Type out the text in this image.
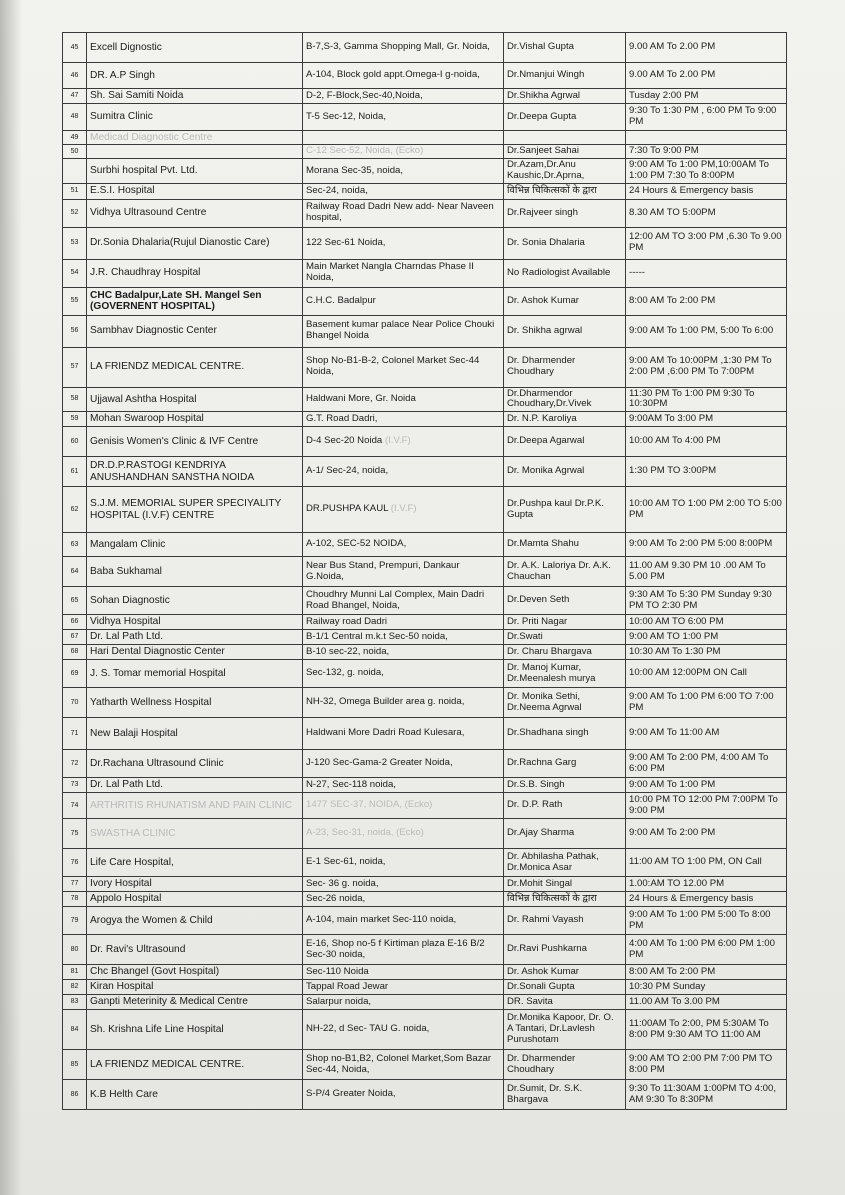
45	Excell Dignostic	B-7,S-3, Gamma Shopping Mall, Gr. Noida,	Dr.Vishal Gupta	9.00 AM To 2.00 PM
46	DR. A.P Singh	A-104, Block gold appt.Omega-I g-noida,	Dr.Nmanjui Wingh	9.00 AM To 2.00 PM
47	Sh. Sai Samiti Noida	D-2, F-Block,Sec-40,Noida,	Dr.Shikha Agrwal	Tusday 2:00 PM
48	Sumitra Clinic	T-5 Sec-12, Noida,	Dr.Deepa Gupta	9:30 To 1:30 PM , 6:00 PM To 9:00 PM
49	Medicad Diagnostic Centre			
50		C-12 Sec-52, Noida, (Ecko)	Dr.Sanjeet Sahai	7:30 To 9:00 PM
	Surbhi hospital Pvt. Ltd.	Morana Sec-35, noida,	Dr.Azam,Dr.Anu Kaushic,Dr.Aprna,	9:00 AM To 1:00 PM,10:00AM To 1:00 PM 7:30 To 8:00PM
51	E.S.I. Hospital	Sec-24, noida,	विभिन्न चिकित्सकों के द्वारा	24 Hours & Emergency basis
52	Vidhya Ultrasound Centre	Railway Road Dadri New add- Near Naveen hospital,	Dr.Rajveer singh	8.30 AM TO 5:00PM
53	Dr.Sonia Dhalaria(Rujul Dianostic Care)	122 Sec-61 Noida,	Dr. Sonia Dhalaria	12:00 AM TO 3:00 PM ,6.30 To 9.00 PM
54	J.R. Chaudhray Hospital	Main Market Nangla Charndas Phase II Noida,	No Radiologist Available	-----
55	CHC Badalpur,Late SH. Mangel Sen (GOVERNENT HOSPITAL)	C.H.C. Badalpur	Dr. Ashok Kumar	8:00 AM To 2:00 PM
56	Sambhav Diagnostic Center	Basement kumar palace Near Police Chouki Bhangel Noida	Dr. Shikha agrwal	9:00 AM To 1:00 PM, 5:00 To 6:00
57	LA FRIENDZ MEDICAL CENTRE.	Shop No-B1-B-2, Colonel Market Sec-44 Noida,	Dr. Dharmender Choudhary	9:00 AM To 10:00PM ,1:30 PM To 2:00 PM ,6:00 PM To 7:00PM
58	Ujjawal Ashtha Hospital	Haldwani More, Gr. Noida	Dr.Dharmendor Choudhary,Dr.Vivek	11:30 PM To 1:00 PM 9:30 To 10:30PM
59	Mohan Swaroop Hospital	G.T. Road Dadri,	Dr. N.P. Karoliya	9:00AM To 3:00 PM
60	Genisis Women's Clinic & IVF Centre	D-4 Sec-20 Noida (I.V.F)	Dr.Deepa Agarwal	10:00 AM To 4:00 PM
61	DR.D.P.RASTOGI KENDRIYA ANUSHANDHAN SANSTHA NOIDA	A-1/ Sec-24, noida,	Dr. Monika Agrwal	1:30 PM TO 3:00PM
62	S.J.M. MEMORIAL SUPER SPECIYALITY HOSPITAL (I.V.F) CENTRE	DR.PUSHPA KAUL (I.V.F)	Dr.Pushpa kaul Dr.P.K. Gupta	10:00 AM TO 1:00 PM 2:00 TO 5:00 PM
63	Mangalam Clinic	A-102, SEC-52 NOIDA,	Dr.Mamta Shahu	9:00 AM To 2:00 PM 5:00 8:00PM
64	Baba Sukhamal	Near Bus Stand, Prempuri, Dankaur G.Noida,	Dr. A.K. Laloriya Dr. A.K. Chauchan	11.00 AM 9.30 PM 10 .00 AM To 5.00 PM
65	Sohan Diagnostic	Choudhry Munni Lal Complex, Main Dadri Road Bhangel, Noida,	Dr.Deven Seth	9:30 AM To 5:30 PM Sunday 9:30 PM TO 2:30 PM
66	Vidhya Hospital	Railway road Dadri	Dr. Priti Nagar	10:00 AM TO 6:00 PM
67	Dr. Lal Path Ltd.	B-1/1 Central m.k.t Sec-50 noida,	Dr.Swati	9:00 AM TO 1:00 PM
68	Hari Dental Diagnostic Center	B-10 sec-22, noida,	Dr. Charu Bhargava	10:30 AM To 1:30 PM
69	J. S. Tomar memorial Hospital	Sec-132, g. noida,	Dr. Manoj Kumar, Dr.Meenalesh murya	10:00 AM 12:00PM ON Call
70	Yatharth Wellness Hospital	NH-32, Omega Builder area g. noida,	Dr. Monika Sethi, Dr.Neema Agrwal	9:00 AM To 1:00 PM 6:00 TO 7:00 PM
71	New Balaji Hospital	Haldwani More Dadri Road Kulesara,	Dr.Shadhana singh	9:00 AM To 11:00 AM
72	Dr.Rachana Ultrasound Clinic	J-120 Sec-Gama-2 Greater Noida,	Dr.Rachna Garg	9:00 AM To 2:00 PM, 4:00 AM To 6:00 PM
73	Dr. Lal Path Ltd.	N-27, Sec-118 noida,	Dr.S.B. Singh	9:00 AM To 1:00 PM
74	ARTHRITIS RHUNATISM AND PAIN CLINIC	1477 SEC-37, NOIDA, (Ecko)	Dr. D.P. Rath	10:00 PM TO 12:00 PM 7:00PM To 9:00 PM
75	SWASTHA CLINIC	A-23, Sec-31, noida, (Ecko)	Dr.Ajay Sharma	9:00 AM To 2:00 PM
76	Life Care Hospital,	E-1 Sec-61, noida,	Dr. Abhilasha Pathak, Dr.Monica Asar	11:00 AM TO 1:00 PM, ON Call
77	Ivory Hospital	Sec- 36 g. noida,	Dr.Mohit Singal	1.00:AM TO 12.00 PM
78	Appolo Hospital	Sec-26 noida,	विभिन्न चिकित्सकों के द्वारा	24 Hours & Emergency basis
79	Arogya the Women & Child	A-104, main market Sec-110 noida,	Dr. Rahmi Vayash	9:00 AM To 1:00 PM 5:00 To 8:00 PM
80	Dr. Ravi's Ultrasound	E-16, Shop no-5 f Kirtiman plaza E-16 B/2 Sec-30 noida,	Dr.Ravi Pushkarna	4:00 AM To 1:00 PM 6:00 PM 1:00 PM
81	Chc Bhangel (Govt Hospital)	Sec-110 Noida	Dr. Ashok Kumar	8:00 AM To 2:00 PM
82	Kiran Hospital	Tappal Road Jewar	Dr.Sonali Gupta	10:30 PM Sunday
83	Ganpti Meterinity & Medical Centre	Salarpur noida,	DR. Savita	11.00 AM To 3.00 PM
84	Sh. Krishna Life Line Hospital	NH-22, d Sec- TAU G. noida,	Dr.Monika Kapoor, Dr. O. A Tantari, Dr.Lavlesh Purushotam	11:00AM To 2:00, PM 5:30AM To 8:00 PM 9:30 AM TO 11:00 AM
85	LA FRIENDZ MEDICAL CENTRE.	Shop no-B1,B2, Colonel Market,Som Bazar Sec-44, Noida,	Dr. Dharmender Choudhary	9:00 AM TO 2:00 PM 7:00 PM TO 8:00 PM
86	K.B Helth Care	S-P/4 Greater Noida,	Dr.Sumit, Dr. S.K. Bhargava	9:30 To 11:30AM 1:00PM TO 4:00, AM 9:30 To 8:30PM
